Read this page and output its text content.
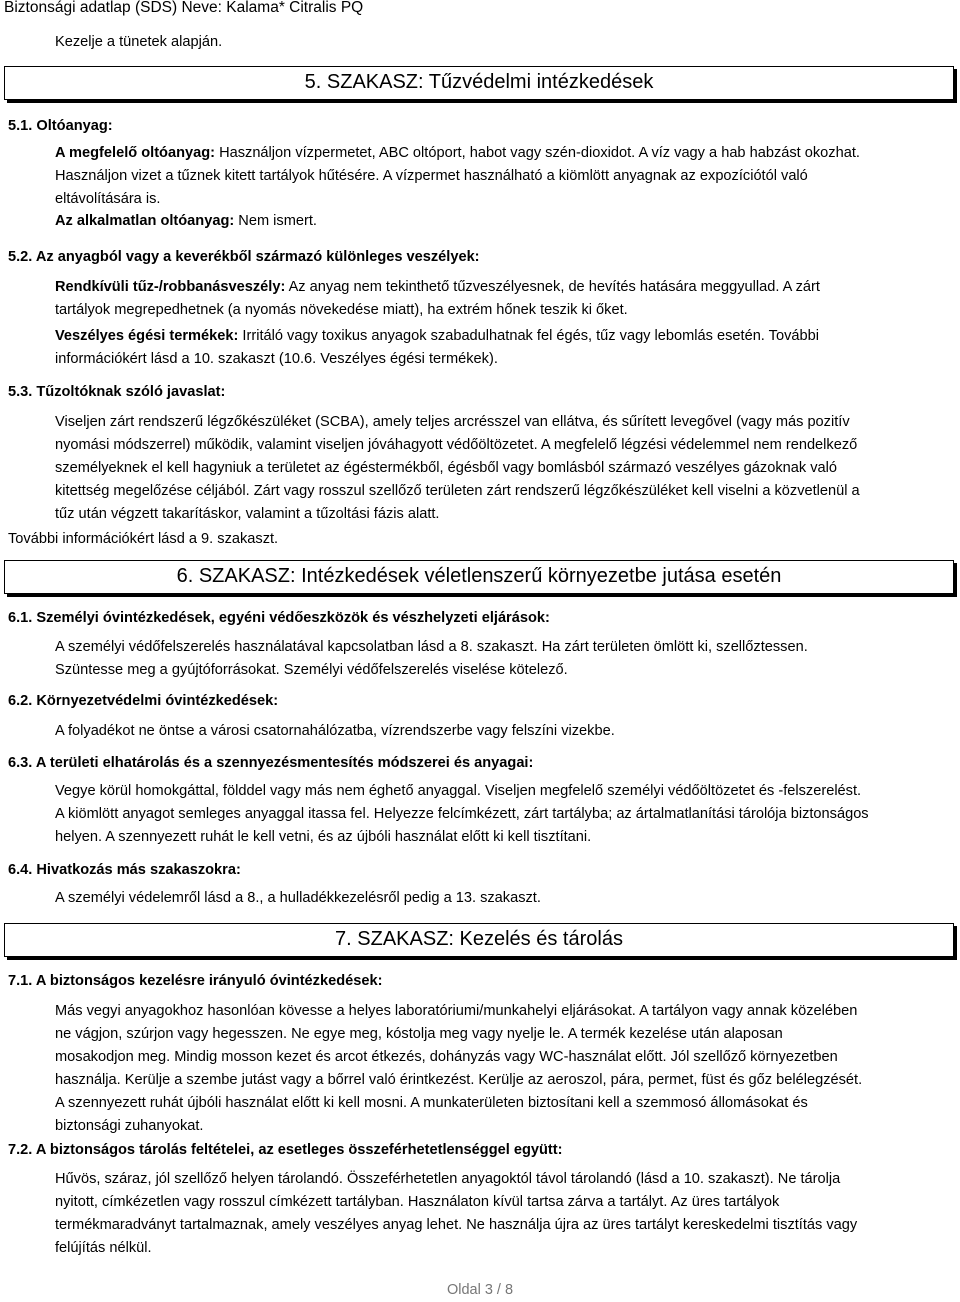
Biztonsági adatlap (SDS) Neve: Kalama* Citralis PQ
Kezelje a tünetek alapján.
5. SZAKASZ: Tűzvédelmi intézkedések
5.1. Oltóanyag:
A megfelelő oltóanyag: Használjon vízpermetet, ABC oltóport, habot vagy szén-dioxidot. A víz vagy a hab habzást okozhat.
Használjon vizet a tűznek kitett tartályok hűtésére. A vízpermet használható a kiömlött anyagnak az expozíciótól való
eltávolítására is.
Az alkalmatlan oltóanyag: Nem ismert.
5.2. Az anyagból vagy a keverékből származó különleges veszélyek:
Rendkívüli tűz-/robbanásveszély: Az anyag nem tekinthető tűzveszélyesnek, de hevítés hatására meggyullad. A zárt
tartályok megrepedhetnek (a nyomás növekedése miatt), ha extrém hőnek teszik ki őket.
Veszélyes égési termékek: Irritáló vagy toxikus anyagok szabadulhatnak fel égés, tűz vagy lebomlás esetén. További
információkért lásd a 10. szakaszt (10.6. Veszélyes égési termékek).
5.3. Tűzoltóknak szóló javaslat:
Viseljen zárt rendszerű légzőkészüléket (SCBA), amely teljes arcrésszel van ellátva, és sűrített levegővel (vagy más pozitív
nyomási módszerrel) működik, valamint viseljen jóváhagyott védőöltözetet. A megfelelő légzési védelemmel nem rendelkező
személyeknek el kell hagyniuk a területet az égéstermékből, égésből vagy bomlásból származó veszélyes gázoknak való
kitettség megelőzése céljából. Zárt vagy rosszul szellőző területen zárt rendszerű légzőkészüléket kell viselni a közvetlenül a
tűz után végzett takarításkor, valamint a tűzoltási fázis alatt.
További információkért lásd a 9. szakaszt.
6. SZAKASZ: Intézkedések véletlenszerű környezetbe jutása esetén
6.1. Személyi óvintézkedések, egyéni védőeszközök és vészhelyzeti eljárások:
A személyi védőfelszerelés használatával kapcsolatban lásd a 8. szakaszt. Ha zárt területen ömlött ki, szellőztessen.
Szüntesse meg a gyújtóforrásokat. Személyi védőfelszerelés viselése kötelező.
6.2. Környezetvédelmi óvintézkedések:
A folyadékot ne öntse a városi csatornahálózatba, vízrendszerbe vagy felszíni vizekbe.
6.3. A területi elhatárolás és a szennyezésmentesítés módszerei és anyagai:
Vegye körül homokgáttal, földdel vagy más nem éghető anyaggal. Viseljen megfelelő személyi védőöltözetet és -felszerelést.
A kiömlött anyagot semleges anyaggal itassa fel. Helyezze felcímkézett, zárt tartályba; az ártalmatlanítási tárolója biztonságos
helyen. A szennyezett ruhát le kell vetni, és az újbóli használat előtt ki kell tisztítani.
6.4. Hivatkozás más szakaszokra:
A személyi védelemről lásd a 8., a hulladékkezelésről pedig a 13. szakaszt.
7. SZAKASZ: Kezelés és tárolás
7.1. A biztonságos kezelésre irányuló óvintézkedések:
Más vegyi anyagokhoz hasonlóan kövesse a helyes laboratóriumi/munkahelyi eljárásokat. A tartályon vagy annak közelében
ne vágjon, szúrjon vagy hegesszen. Ne egye meg, kóstolja meg vagy nyelje le. A termék kezelése után alaposan
mosakodjon meg. Mindig mosson kezet és arcot étkezés, dohányzás vagy WC-használat előtt. Jól szellőző környezetben
használja. Kerülje a szembe jutást vagy a bőrrel való érintkezést. Kerülje az aeroszol, pára, permet, füst és gőz belélegzését.
A szennyezett ruhát újbóli használat előtt ki kell mosni. A munkaterületen biztosítani kell a szemmosó állomásokat és
biztonsági zuhanyokat.
7.2. A biztonságos tárolás feltételei, az esetleges összeférhetetlenséggel együtt:
Hűvös, száraz, jól szellőző helyen tárolandó. Összeférhetetlen anyagoktól távol tárolandó (lásd a 10. szakaszt). Ne tárolja
nyitott, címkézetlen vagy rosszul címkézett tartályban. Használaton kívül tartsa zárva a tartályt. Az üres tartályok
termékmaradványt tartalmaznak, amely veszélyes anyag lehet. Ne használja újra az üres tartályt kereskedelmi tisztítás vagy
felújítás nélkül.
Oldal 3 / 8
